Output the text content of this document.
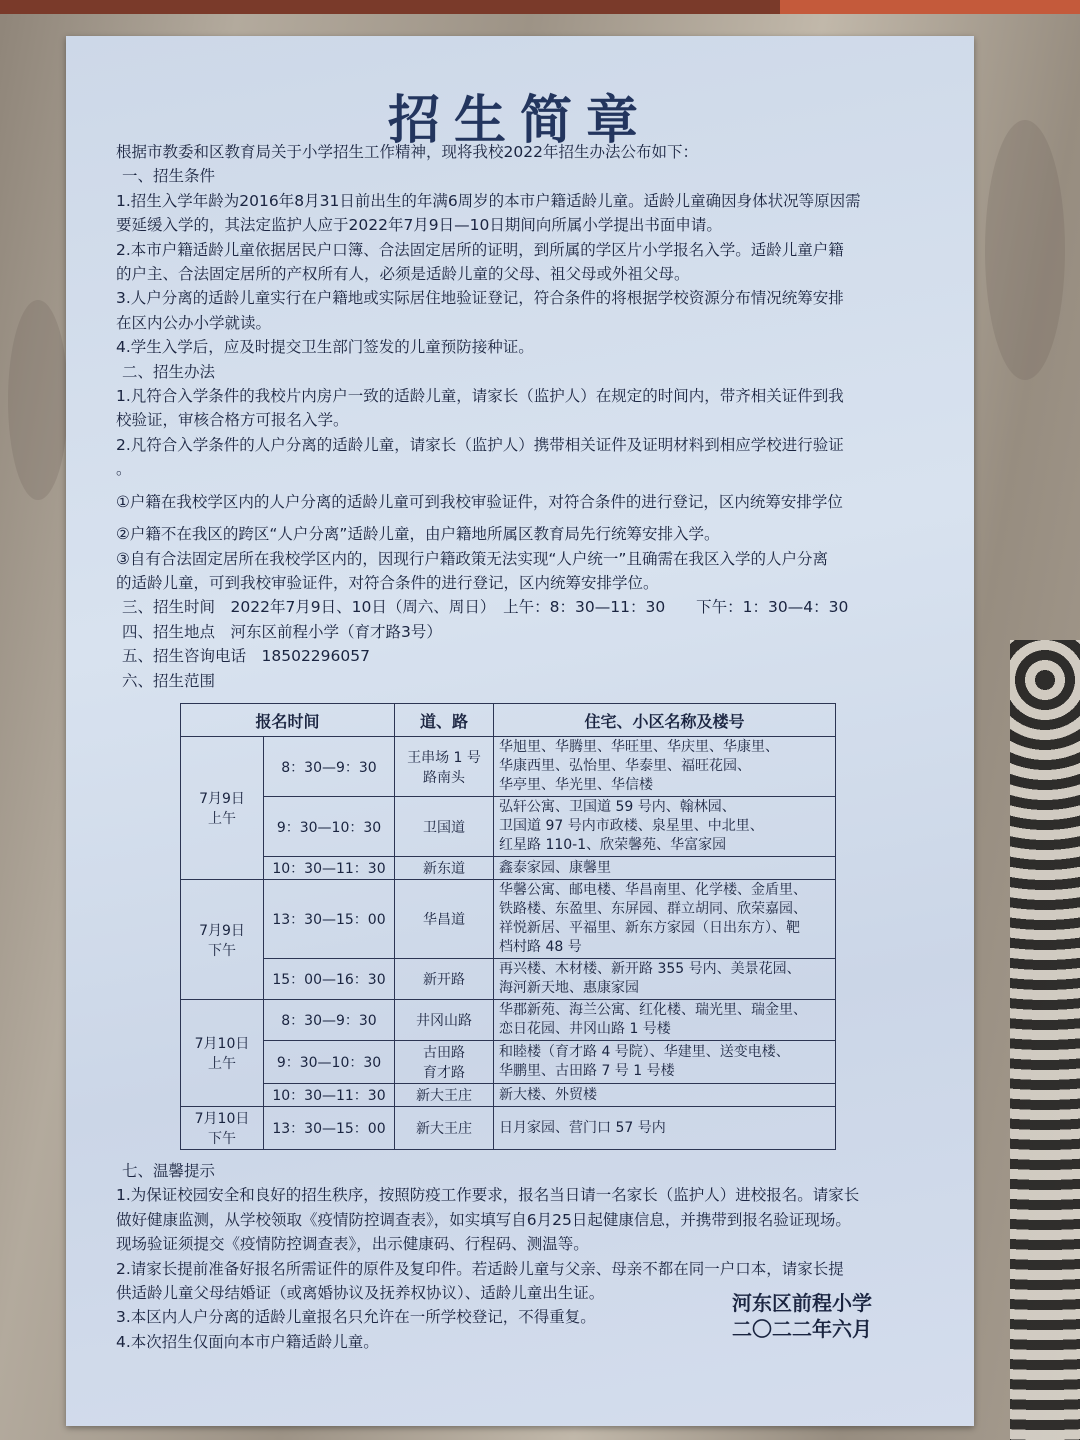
招生简章

根据市教委和区教育局关于小学招生工作精神，现将我校2022年招生办法公布如下：

一、招生条件

1.招生入学年龄为2016年8月31日前出生的年满6周岁的本市户籍适龄儿童。适龄儿童确因身体状况等原因需

要延缓入学的，其法定监护人应于2022年7月9日—10日期间向所属小学提出书面申请。

2.本市户籍适龄儿童依据居民户口簿、合法固定居所的证明，到所属的学区片小学报名入学。适龄儿童户籍

的户主、合法固定居所的产权所有人，必须是适龄儿童的父母、祖父母或外祖父母。

3.人户分离的适龄儿童实行在户籍地或实际居住地验证登记，符合条件的将根据学校资源分布情况统筹安排

在区内公办小学就读。

4.学生入学后，应及时提交卫生部门签发的儿童预防接种证。

二、招生办法

1.凡符合入学条件的我校片内房户一致的适龄儿童，请家长（监护人）在规定的时间内，带齐相关证件到我

校验证，审核合格方可报名入学。

2.凡符合入学条件的人户分离的适龄儿童，请家长（监护人）携带相关证件及证明材料到相应学校进行验证

。

①户籍在我校学区内的人户分离的适龄儿童可到我校审验证件，对符合条件的进行登记，区内统筹安排学位

②户籍不在我区的跨区“人户分离”适龄儿童，由户籍地所属区教育局先行统筹安排入学。

③自有合法固定居所在我校学区内的，因现行户籍政策无法实现“人户统一”且确需在我区入学的人户分离

的适龄儿童，可到我校审验证件，对符合条件的进行登记，区内统筹安排学位。

三、招生时间　2022年7月9日、10日（周六、周日）　上午：8：30—11：30　　下午：1：30—4：30

四、招生地点　河东区前程小学（育才路3号）

五、招生咨询电话　18502296057

六、招生范围

报名时间		道、路	住宅、小区名称及楼号
7月9日
上午	8：30—9：30	王串场 1 号
路南头	华旭里、华腾里、华旺里、华庆里、华康里、
华康西里、弘怡里、华泰里、福旺花园、
华亭里、华光里、华信楼
	9：30—10：30	卫国道	弘轩公寓、卫国道 59 号内、翰林园、
卫国道 97 号内市政楼、泉星里、中北里、
红星路 110-1、欣荣馨苑、华富家园
	10：30—11：30	新东道	鑫泰家园、康馨里
7月9日
下午	13：30—15：00	华昌道	华馨公寓、邮电楼、华昌南里、化学楼、金盾里、
铁路楼、东盈里、东屏园、群立胡同、欣荣嘉园、
祥悦新居、平福里、新东方家园（日出东方）、靶
档村路 48 号
	15：00—16：30	新开路	再兴楼、木材楼、新开路 355 号内、美景花园、
海河新天地、惠康家园
7月10日
上午	8：30—9：30	井冈山路	华郡新苑、海兰公寓、红化楼、瑞光里、瑞金里、
恋日花园、井冈山路 1 号楼
	9：30—10：30	古田路
育才路	和睦楼（育才路 4 号院）、华建里、送变电楼、
华鹏里、古田路 7 号 1 号楼
	10：30—11：30	新大王庄	新大楼、外贸楼
7月10日
下午	13：30—15：00	新大王庄	日月家园、营门口 57 号内

七、温馨提示

1.为保证校园安全和良好的招生秩序，按照防疫工作要求，报名当日请一名家长（监护人）进校报名。请家长

做好健康监测，从学校领取《疫情防控调查表》，如实填写自6月25日起健康信息，并携带到报名验证现场。

现场验证须提交《疫情防控调查表》，出示健康码、行程码、测温等。

2.请家长提前准备好报名所需证件的原件及复印件。若适龄儿童与父亲、母亲不都在同一户口本，请家长提

供适龄儿童父母结婚证（或离婚协议及抚养权协议）、适龄儿童出生证。

3.本区内人户分离的适龄儿童报名只允许在一所学校登记，不得重复。

4.本次招生仅面向本市户籍适龄儿童。

河东区前程小学
二〇二二年六月
